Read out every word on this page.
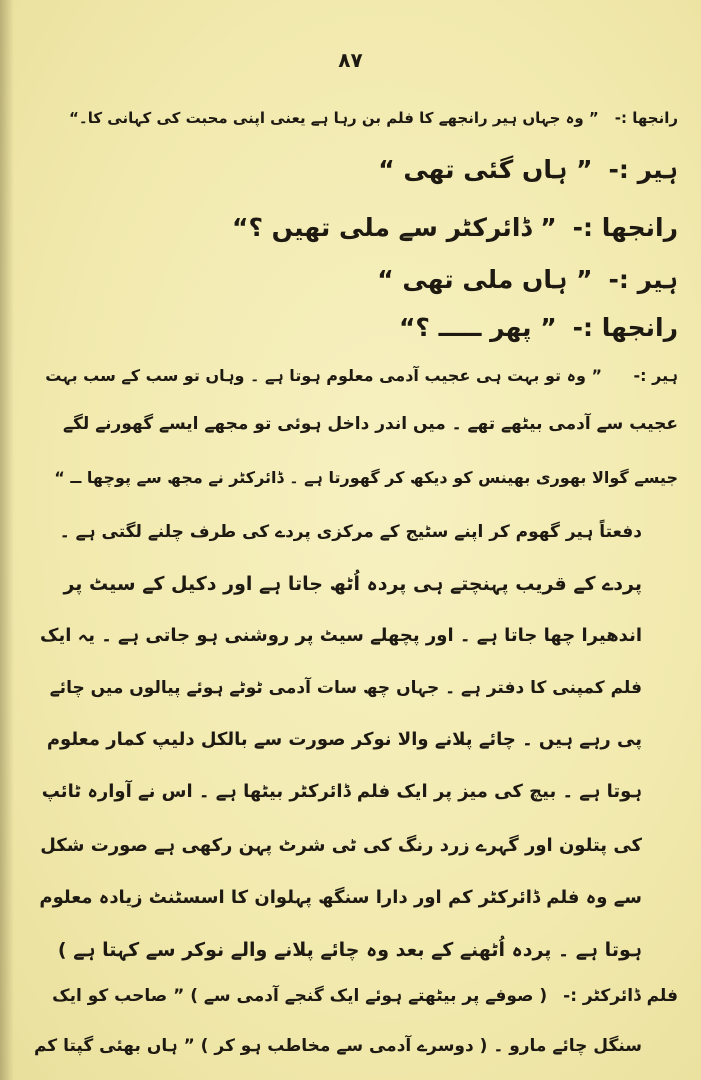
۸۷
رانجھا :-” وہ جہاں ہیر رانجھے کا فلم بن رہا ہے یعنی اپنی محبت کی کہانی کا۔“
ہیر :-” ہاں گئی تھی “
رانجھا :-” ڈائرکٹر سے ملی تھیں ؟“
ہیر :-” ہاں ملی تھی “
رانجھا :-” پھر ـــــ ؟“
ہیر :-” وہ تو بہت ہی عجیب آدمی معلوم ہوتا ہے ۔ وہاں تو سب کے سب بہت
عجیب سے آدمی بیٹھے تھے ۔ میں اندر داخل ہوئی تو مجھے ایسے گھورنے لگے
جیسے گوالا بھوری بھینس کو دیکھ کر گھورتا ہے ۔ ڈائرکٹر نے مجھ سے پوچھا ــ “
دفعتاً ہیر گھوم کر اپنے سٹیج کے مرکزی پردے کی طرف چلنے لگتی ہے ۔
پردے کے قریب پہنچتے ہی پردہ اُٹھ جاتا ہے اور دکیل کے سیٹ پر
اندھیرا چھا جاتا ہے ۔ اور پچھلے سیٹ پر روشنی ہو جاتی ہے ۔ یہ ایک
فلم کمپنی کا دفتر ہے ۔ جہاں چھ سات آدمی ٹوٹے ہوئے پیالوں میں چائے
پی رہے ہیں ۔ چائے پلانے والا نوکر صورت سے بالکل دلیپ کمار معلوم
ہوتا ہے ۔ بیچ کی میز پر ایک فلم ڈائرکٹر بیٹھا ہے ۔ اس نے آوارہ ٹائپ
کی پتلون اور گہرے زرد رنگ کی ٹی شرٹ پہن رکھی ہے صورت شکل
سے وہ فلم ڈائرکٹر کم اور دارا سنگھ پہلوان کا اسسٹنٹ زیادہ معلوم
ہوتا ہے ۔ پردہ اُٹھنے کے بعد وہ چائے پلانے والے نوکر سے کہتا ہے )
فلم ڈائرکٹر :-( صوفے پر بیٹھتے ہوئے ایک گنجے آدمی سے ) ” صاحب کو ایک
سنگل چائے مارو ۔ ( دوسرے آدمی سے مخاطب ہو کر ) ” ہاں بھئی گپتا کم
